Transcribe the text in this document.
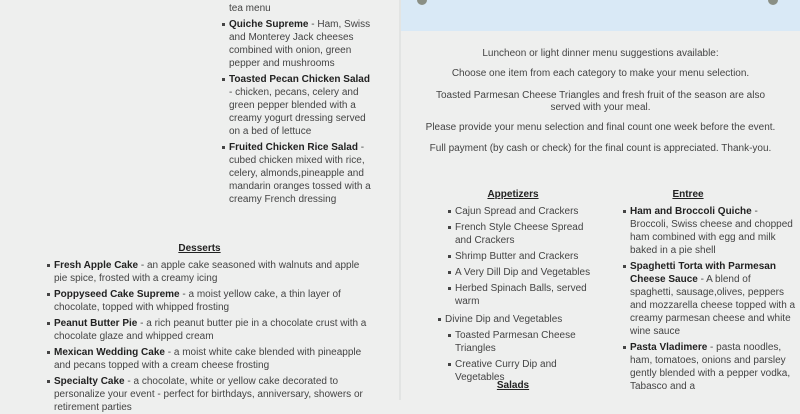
tea menu
Quiche Supreme - Ham, Swiss and Monterey Jack cheeses combined with onion, green pepper and mushrooms
Toasted Pecan Chicken Salad - chicken, pecans, celery and green pepper blended with a creamy yogurt dressing served on a bed of lettuce
Fruited Chicken Rice Salad - cubed chicken mixed with rice, celery, almonds,pineapple and mandarin oranges tossed with a creamy French dressing
Desserts
Fresh Apple Cake - an apple cake seasoned with walnuts and apple pie spice, frosted with a creamy icing
Poppyseed Cake Supreme - a moist yellow cake, a thin layer of chocolate, topped with whipped frosting
Peanut Butter Pie - a rich peanut butter pie in a chocolate crust with a chocolate glaze and whipped cream
Mexican Wedding Cake - a moist white cake blended with pineapple and pecans topped with a cream cheese frosting
Specialty Cake - a chocolate, white or yellow cake decorated to personalize your event - perfect for birthdays, anniversary, showers or retirement parties
Luncheon or light dinner menu suggestions available:
Choose one item from each category to make your menu selection.
Toasted Parmesan Cheese Triangles and fresh fruit of the season are also served with your meal.
Please provide your menu selection and final count one week before the event.
Full payment (by cash or check) for the final count is appreciated. Thank-you.
Appetizers
Cajun Spread and Crackers
French Style Cheese Spread and Crackers
Shrimp Butter and Crackers
A Very Dill Dip and Vegetables
Herbed Spinach Balls, served warm
Divine Dip and Vegetables
Toasted Parmesan Cheese Triangles
Creative Curry Dip and Vegetables
Salads
Entree
Ham and Broccoli Quiche - Broccoli, Swiss cheese and chopped ham combined with egg and milk baked in a pie shell
Spaghetti Torta with Parmesan Cheese Sauce - A blend of spaghetti, sausage,olives, peppers and mozzarella cheese topped with a creamy parmesan cheese and white wine sauce
Pasta Vladimere - pasta noodles, ham, tomatoes, onions and parsley gently blended with a pepper vodka, Tabasco and a
